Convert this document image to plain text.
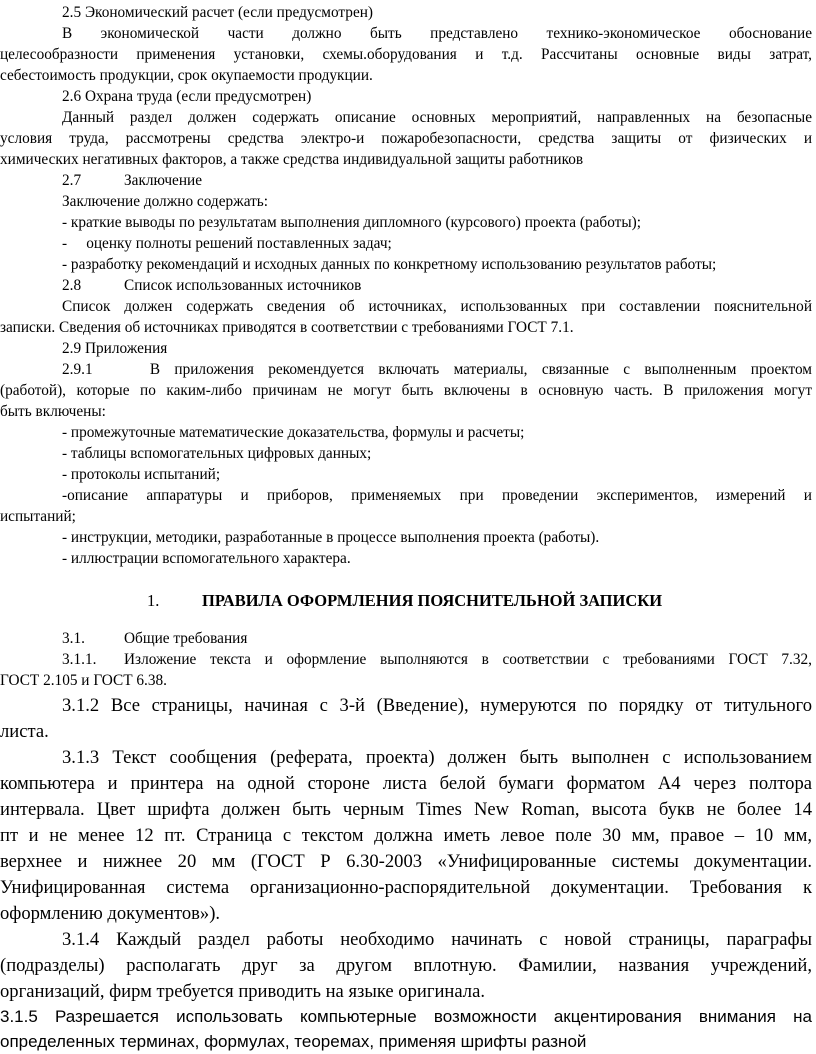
2.5 Экономический расчет (если предусмотрен)
В экономической части должно быть представлено технико-экономическое обоснование
целесообразности применения установки, схемы.оборудования и т.д. Рассчитаны основные виды затрат,
себестоимость продукции, срок окупаемости продукции.
2.6 Охрана труда (если предусмотрен)
Данный раздел должен содержать описание основных мероприятий, направленных на безопасные
условия труда, рассмотрены средства электро-и пожаробезопасности, средства защиты от физических и
химических негативных факторов, а также средства индивидуальной защиты работников
2.7	Заключение
Заключение должно содержать:
- краткие выводы по результатам выполнения дипломного (курсового) проекта (работы);
-     оценку полноты решений поставленных задач;
- разработку рекомендаций и исходных данных по конкретному использованию результатов работы;
2.8	Список использованных источников
Список должен содержать сведения об источниках, использованных при составлении пояснительной
записки. Сведения об источниках приводятся в соответствии с требованиями ГОСТ 7.1.
2.9 Приложения
2.9.1    В приложения рекомендуется включать материалы, связанные с выполненным проектом
(работой), которые по каким-либо причинам не могут быть включены в основную часть. В приложения могут
быть включены:
- промежуточные математические доказательства, формулы и расчеты;
- таблицы вспомогательных цифровых данных;
- протоколы испытаний;
-описание аппаратуры и приборов, применяемых при проведении экспериментов, измерений и
испытаний;
- инструкции, методики, разработанные в процессе выполнения проекта (работы).
- иллюстрации вспомогательного характера.
1.	ПРАВИЛА ОФОРМЛЕНИЯ ПОЯСНИТЕЛЬНОЙ ЗАПИСКИ
3.1.	Общие требования
3.1.1.	Изложение текста и оформление выполняются в соответствии с требованиями ГОСТ 7.32,
ГОСТ 2.105 и ГОСТ 6.38.
3.1.2 Все страницы, начиная с 3-й (Введение), нумеруются по порядку от титульного
листа.
3.1.3 Текст сообщения (реферата, проекта) должен быть выполнен с использованием
компьютера и принтера на одной стороне листа белой бумаги форматом А4 через полтора
интервала. Цвет шрифта должен быть черным Times New Roman, высота букв не более 14
пт и не менее 12 пт. Страница с текстом должна иметь левое поле 30 мм, правое – 10 мм,
верхнее и нижнее 20 мм (ГОСТ Р 6.30-2003 «Унифицированные системы документации.
Унифицированная система организационно-распорядительной документации. Требования к
оформлению документов»).
3.1.4 Каждый раздел работы необходимо начинать с новой страницы, параграфы
(подразделы) располагать друг за другом вплотную. Фамилии, названия учреждений,
организаций, фирм требуется приводить на языке оригинала.
3.1.5 Разрешается использовать компьютерные возможности акцентирования внимания на
определенных терминах, формулах, теоремах, применяя шрифты разной
